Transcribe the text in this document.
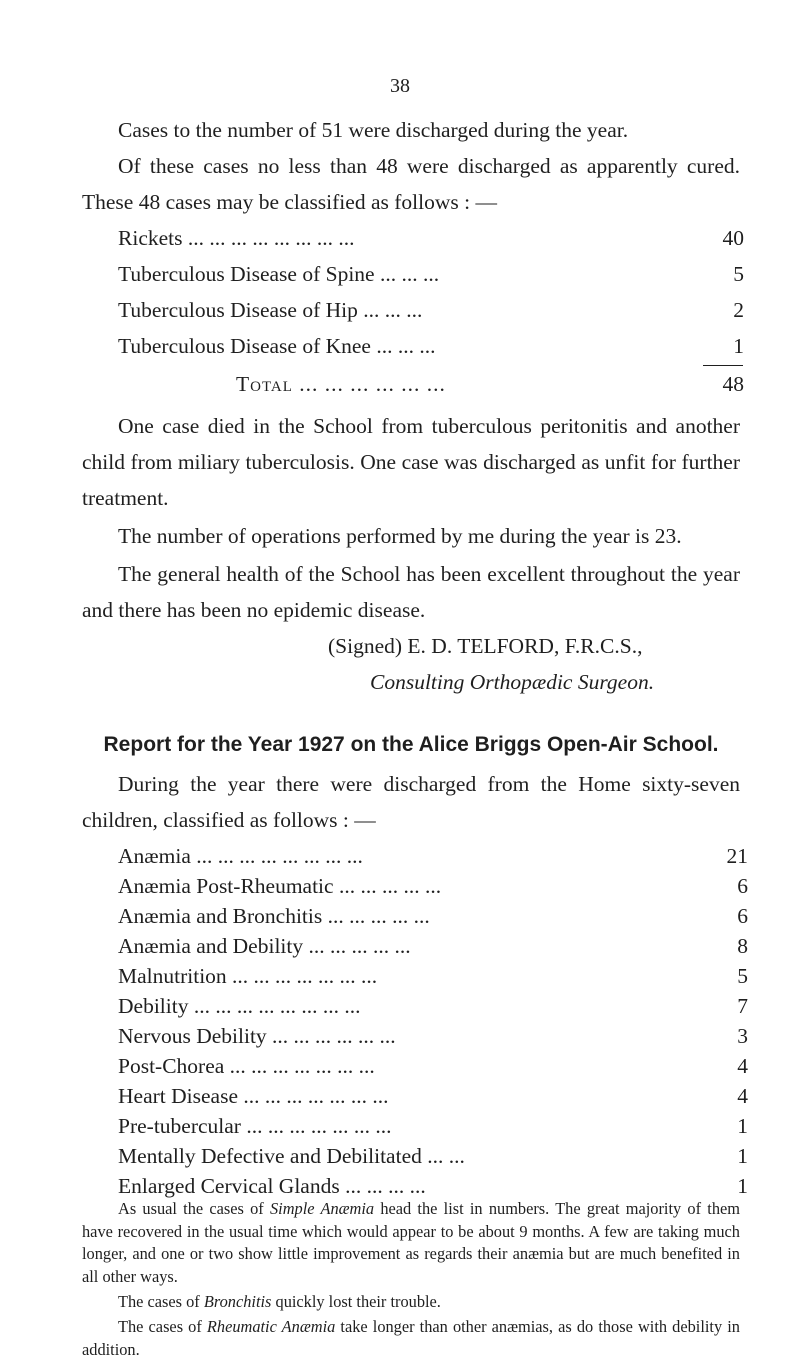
38

Cases to the number of 51 were discharged during the year.

Of these cases no less than 48 were discharged as apparently cured. These 48 cases may be classified as follows : —

Rickets ... ... ... ... ... ... ... ...	40
Tuberculous Disease of Spine ... ... ...	5
Tuberculous Disease of Hip ... ... ...	2
Tuberculous Disease of Knee ... ... ...	1
Total ... ... ... ... ... ...	48

One case died in the School from tuberculous peritonitis and another child from miliary tuberculosis. One case was discharged as unfit for further treatment.

The number of operations performed by me during the year is 23.

The general health of the School has been excellent throughout the year and there has been no epidemic disease.

(Signed) E. D. TELFORD, F.R.C.S.,
Consulting Orthopædic Surgeon.
Report for the Year 1927 on the Alice Briggs Open-Air School.

During the year there were discharged from the Home sixty-seven children, classified as follows : —

Anæmia ... ... ... ... ... ... ... ...	21
Anæmia Post-Rheumatic ... ... ... ... ...	6
Anæmia and Bronchitis ... ... ... ... ...	6
Anæmia and Debility ... ... ... ... ...	8
Malnutrition ... ... ... ... ... ... ...	5
Debility ... ... ... ... ... ... ... ...	7
Nervous Debility ... ... ... ... ... ...	3
Post-Chorea ... ... ... ... ... ... ...	4
Heart Disease ... ... ... ... ... ... ...	4
Pre-tubercular ... ... ... ... ... ... ...	1
Mentally Defective and Debilitated ... ...	1
Enlarged Cervical Glands ... ... ... ...	1

As usual the cases of Simple Anæmia head the list in numbers. The great majority of them have recovered in the usual time which would appear to be about 9 months. A few are taking much longer, and one or two show little improvement as regards their anæmia but are much benefited in all other ways.

The cases of Bronchitis quickly lost their trouble.

The cases of Rheumatic Anæmia take longer than other anæmias, as do those with debility in addition.
